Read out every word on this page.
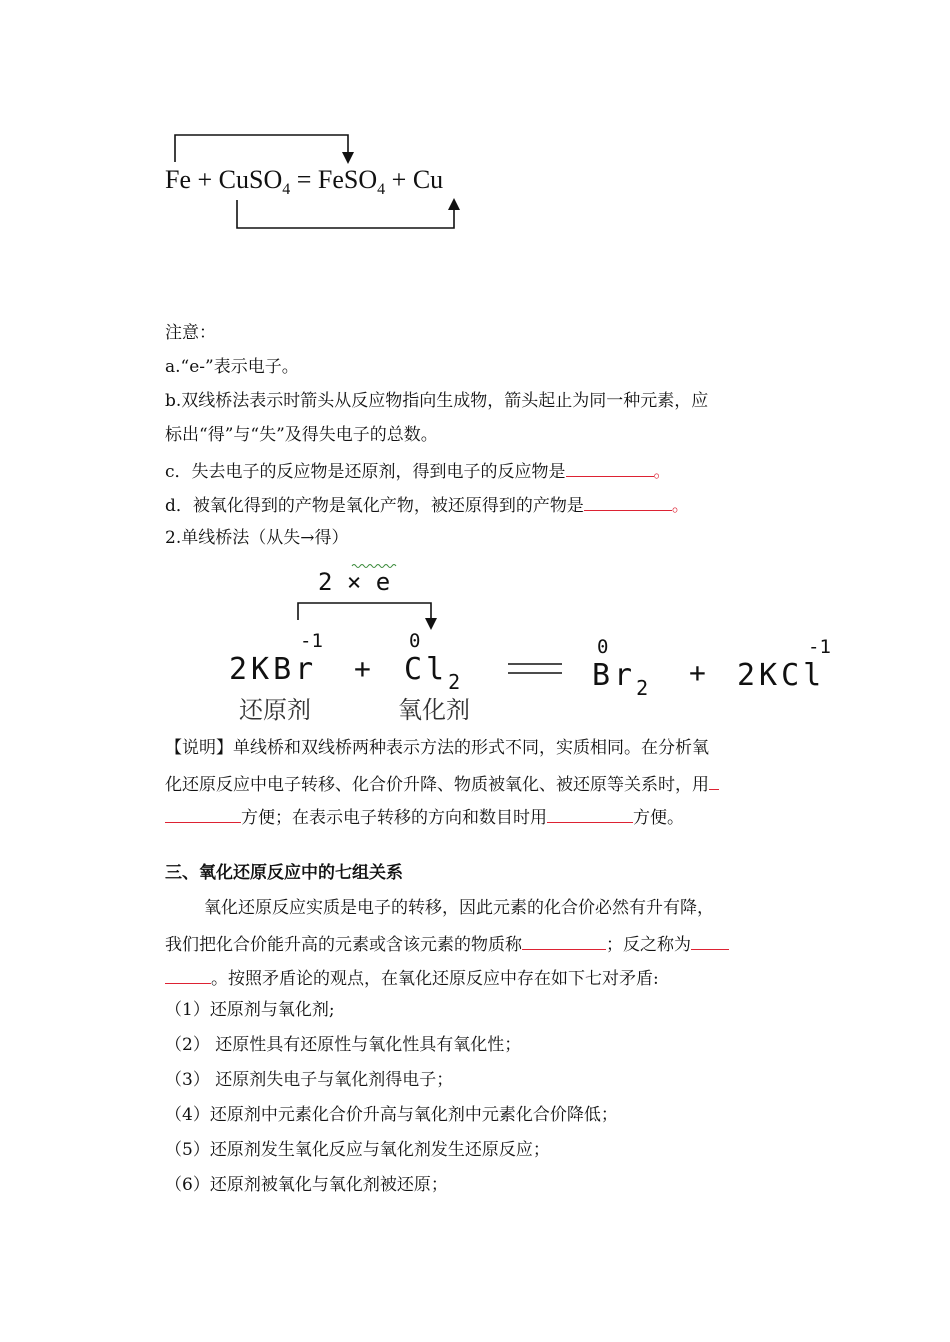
Fe + CuSO$_4$ = FeSO$_4$ + Cu
注意：
a.“e-”表示电子。
b.双线桥法表示时箭头从反应物指向生成物，箭头起止为同一种元素，应
标出“得”与“失”及得失电子的总数。
c．失去电子的反应物是还原剂，得到电子的反应物是	。
d．被氧化得到的产物是氧化产物，被还原得到的产物是	。
2.单线桥法（从失→得）
2 × e
-1	0	0	-1
$2KBr + Cl_2$	$Br_2 + 2KCl$
还原剂	氧化剂
【说明】单线桥和双线桥两种表示方法的形式不同，实质相同。在分析氧
化还原反应中电子转移、化合价升降、物质被氧化、被还原等关系时，用
方便；在表示电子转移的方向和数目时用	方便。
三、氧化还原反应中的七组关系
氧化还原反应实质是电子的转移，因此元素的化合价必然有升有降，
我们把化合价能升高的元素或含该元素的物质称	；反之称为
。按照矛盾论的观点，在氧化还原反应中存在如下七对矛盾:
（1）还原剂与氧化剂;
（2） 还原性具有还原性与氧化性具有氧化性；
（3） 还原剂失电子与氧化剂得电子；
（4）还原剂中元素化合价升高与氧化剂中元素化合价降低；
（5）还原剂发生氧化反应与氧化剂发生还原反应；
（6）还原剂被氧化与氧化剂被还原；
